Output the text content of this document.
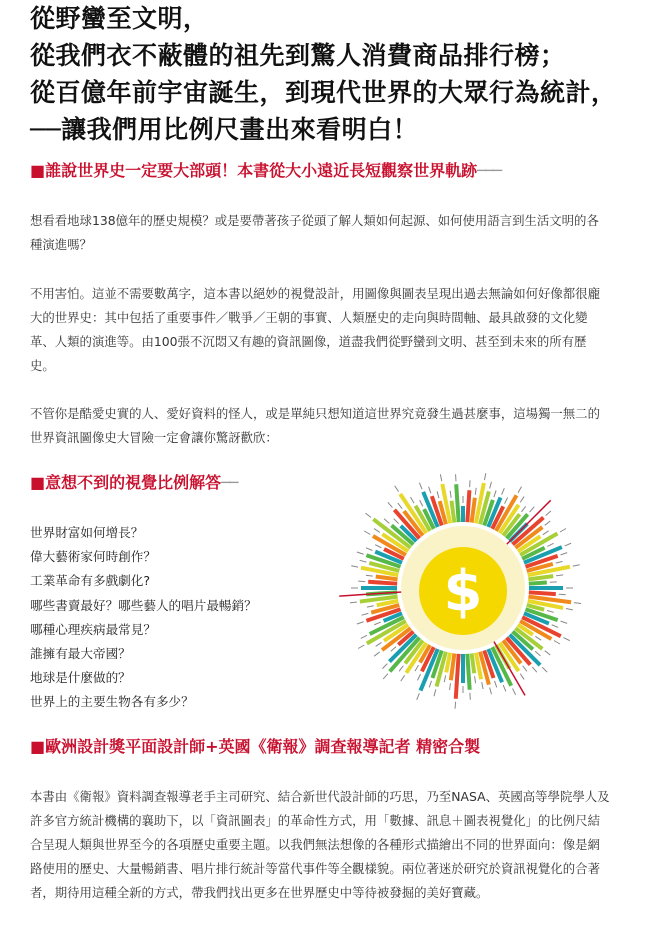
從野蠻至文明，
從我們衣不蔽體的祖先到驚人消費商品排行榜；
從百億年前宇宙誕生，到現代世界的大眾行為統計，
──讓我們用比例尺畫出來看明白！
■誰說世界史一定要大部頭！本書從大小遠近長短觀察世界軌跡───
想看看地球138億年的歷史規模？或是要帶著孩子從頭了解人類如何起源、如何使用語言到生活文明的各種演進嗎？
不用害怕。這並不需要數萬字，這本書以絕妙的視覺設計，用圖像與圖表呈現出過去無論如何好像都很龐大的世界史：其中包括了重要事件／戰爭／王朝的事實、人類歷史的走向與時間軸、最具啟發的文化變革、人類的演進等。由100張不沉悶又有趣的資訊圖像，道盡我們從野蠻到文明、甚至到未來的所有歷史。
不管你是酷愛史實的人、愛好資料的怪人，或是單純只想知道這世界究竟發生過甚麼事，這場獨一無二的世界資訊圖像史大冒險一定會讓你驚訝歡欣：
■意想不到的視覺比例解答──
世界財富如何增長？
偉大藝術家何時創作？
工業革命有多戲劇化?
哪些書賣最好？哪些藝人的唱片最暢銷？
哪種心理疾病最常見？
誰擁有最大帝國？
地球是什麼做的？
世界上的主要生物各有多少？
$
■歐洲設計獎平面設計師+英國《衛報》調查報導記者 精密合製
本書由《衛報》資料調查報導老手主司研究、結合新世代設計師的巧思，乃至NASA、英國高等學院學人及許多官方統計機構的襄助下，以「資訊圖表」的革命性方式，用「數據、訊息＋圖表視覺化」的比例尺結合呈現人類與世界至今的各項歷史重要主題。以我們無法想像的各種形式描繪出不同的世界面向：像是網路使用的歷史、大量暢銷書、唱片排行統計等當代事件等全觀樣貌。兩位著迷於研究於資訊視覺化的合著者，期待用這種全新的方式，帶我們找出更多在世界歷史中等待被發掘的美好寶藏。
